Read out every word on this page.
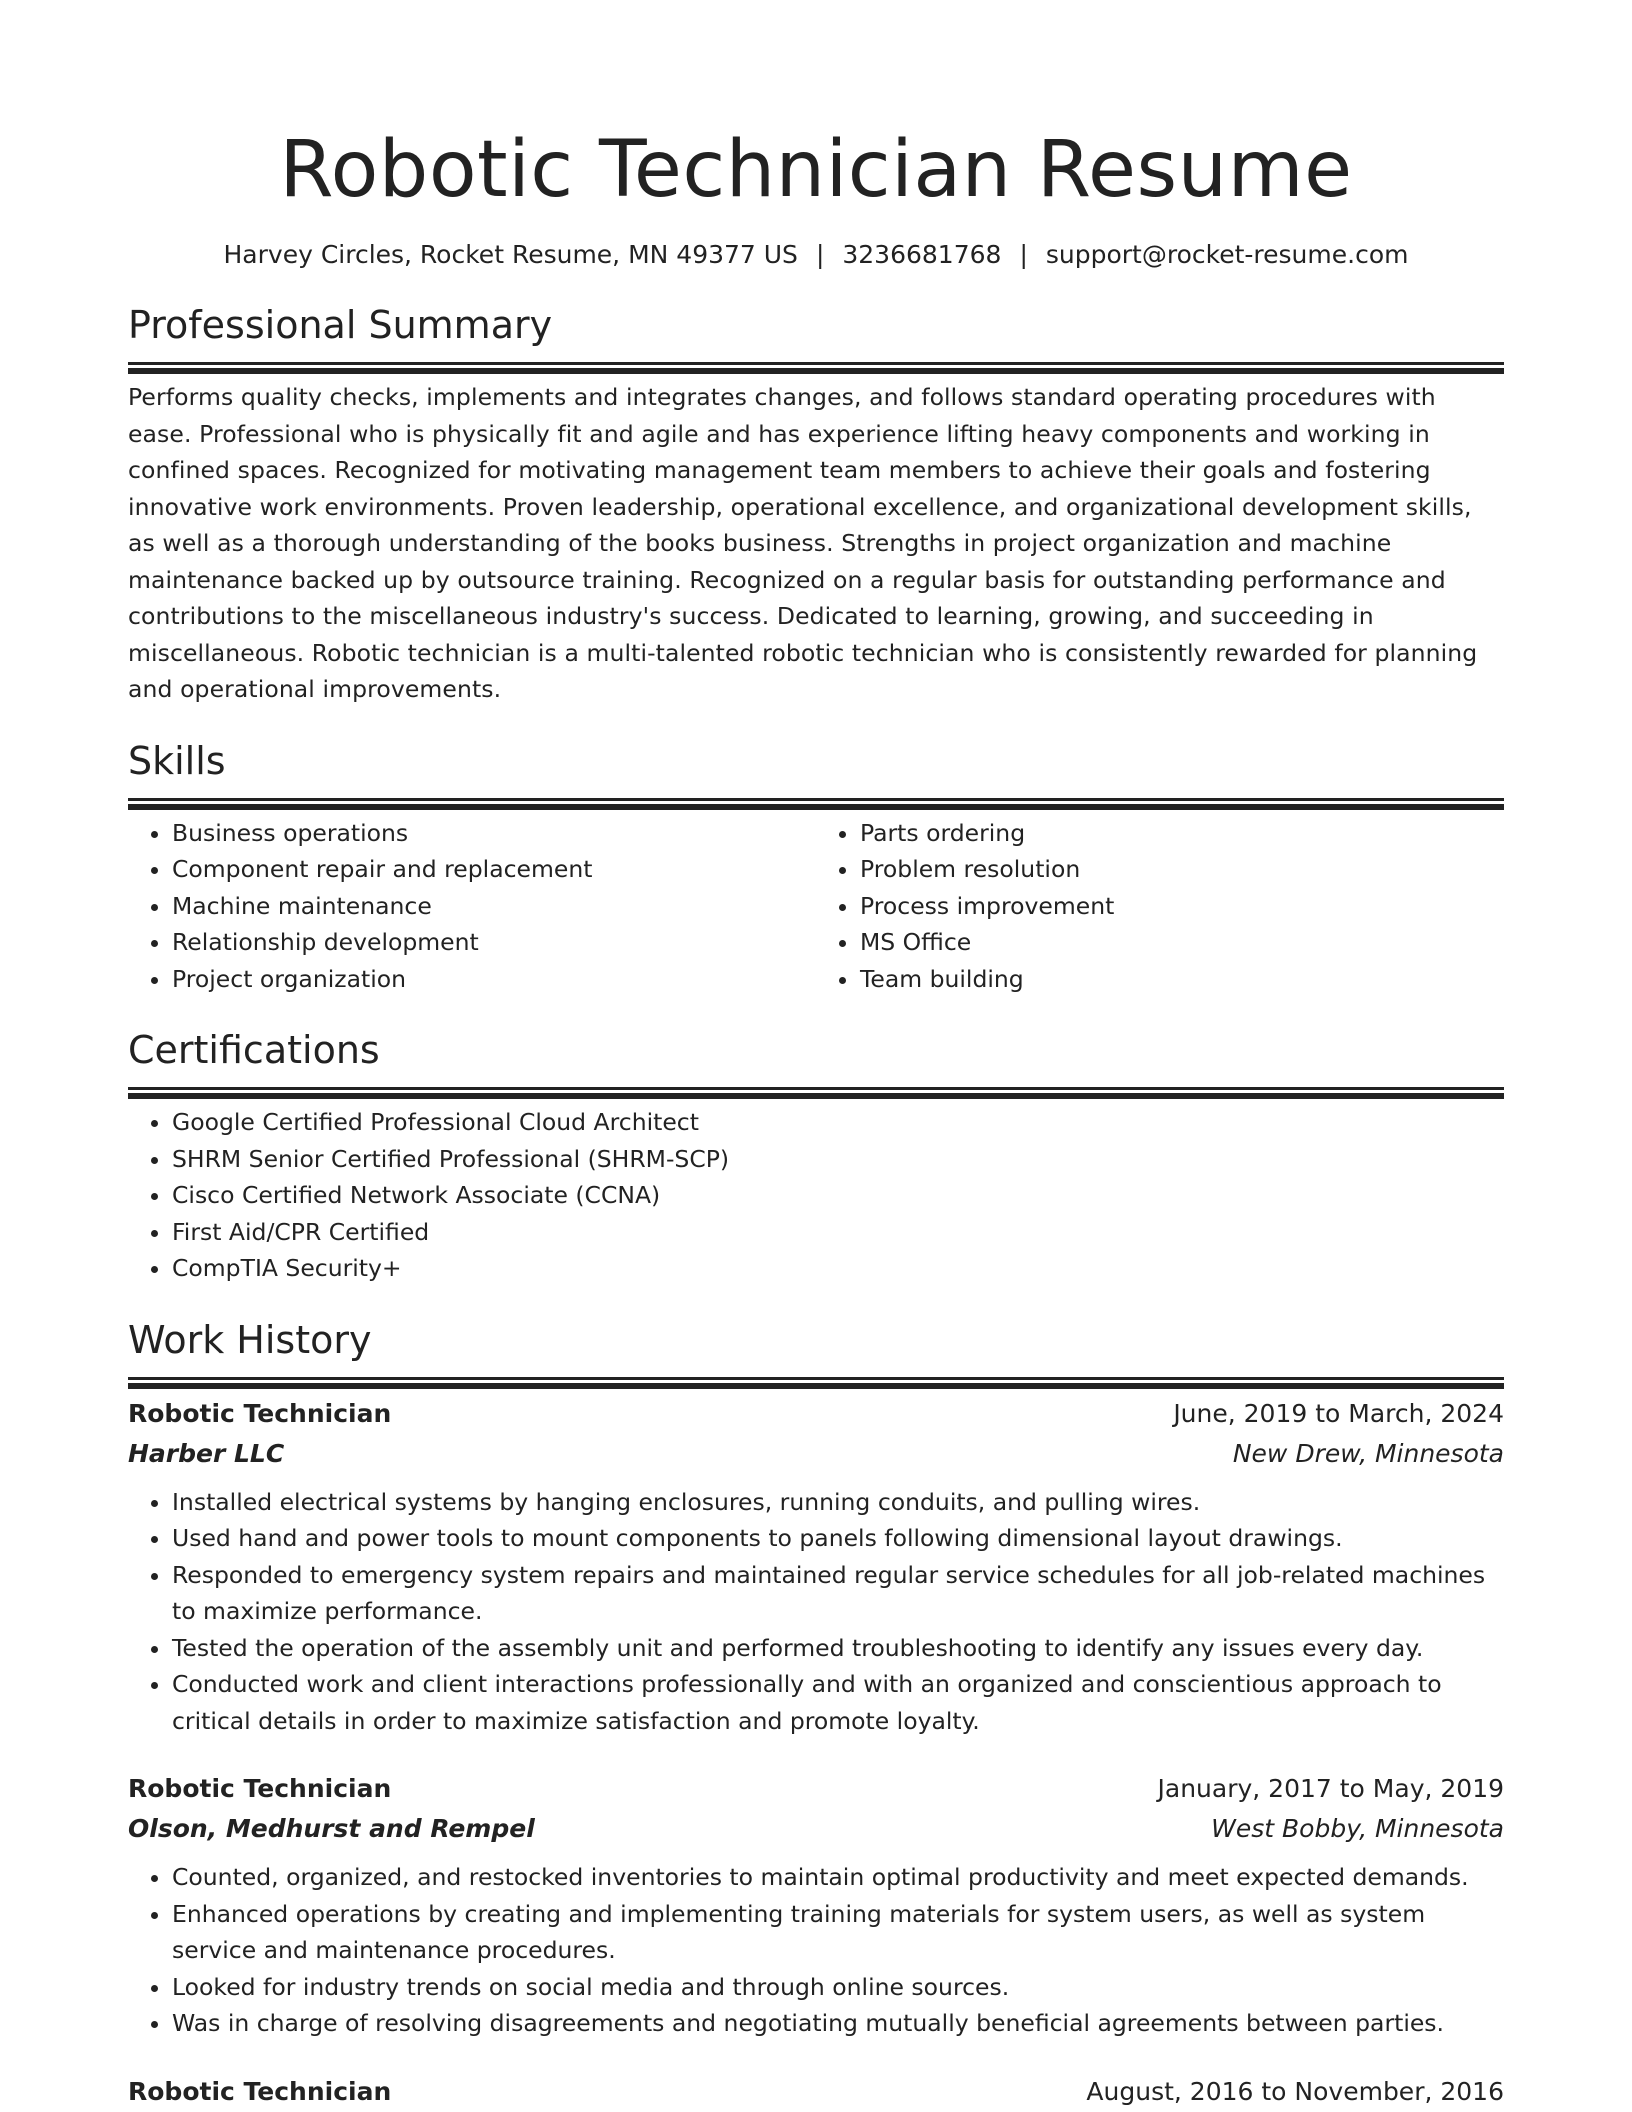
Robotic Technician Resume
Harvey Circles, Rocket Resume, MN 49377 US | 3236681768 | support@rocket-resume.com
Professional Summary

Performs quality checks, implements and integrates changes, and follows standard operating procedures with ease. Professional who is physically fit and agile and has experience lifting heavy components and working in confined spaces. Recognized for motivating management team members to achieve their goals and fostering innovative work environments. Proven leadership, operational excellence, and organizational development skills, as well as a thorough understanding of the books business. Strengths in project organization and machine maintenance backed up by outsource training. Recognized on a regular basis for outstanding performance and contributions to the miscellaneous industry's success. Dedicated to learning, growing, and succeeding in miscellaneous. Robotic technician is a multi-talented robotic technician who is consistently rewarded for planning and operational improvements.

Skills
• Business operations
• Component repair and replacement
• Machine maintenance
• Relationship development
• Project organization
• Parts ordering
• Problem resolution
• Process improvement
• MS Office
• Team building
Certifications
• Google Certified Professional Cloud Architect
• SHRM Senior Certified Professional (SHRM-SCP)
• Cisco Certified Network Associate (CCNA)
• First Aid/CPR Certified
• CompTIA Security+
Work History
Robotic Technician	June, 2019 to March, 2024
Harber LLC	New Drew, Minnesota
• Installed electrical systems by hanging enclosures, running conduits, and pulling wires.
• Used hand and power tools to mount components to panels following dimensional layout drawings.
• Responded to emergency system repairs and maintained regular service schedules for all job-related machines to maximize performance.
• Tested the operation of the assembly unit and performed troubleshooting to identify any issues every day.
• Conducted work and client interactions professionally and with an organized and conscientious approach to critical details in order to maximize satisfaction and promote loyalty.
Robotic Technician	January, 2017 to May, 2019
Olson, Medhurst and Rempel	West Bobby, Minnesota
• Counted, organized, and restocked inventories to maintain optimal productivity and meet expected demands.
• Enhanced operations by creating and implementing training materials for system users, as well as system service and maintenance procedures.
• Looked for industry trends on social media and through online sources.
• Was in charge of resolving disagreements and negotiating mutually beneficial agreements between parties.
Robotic Technician	August, 2016 to November, 2016
